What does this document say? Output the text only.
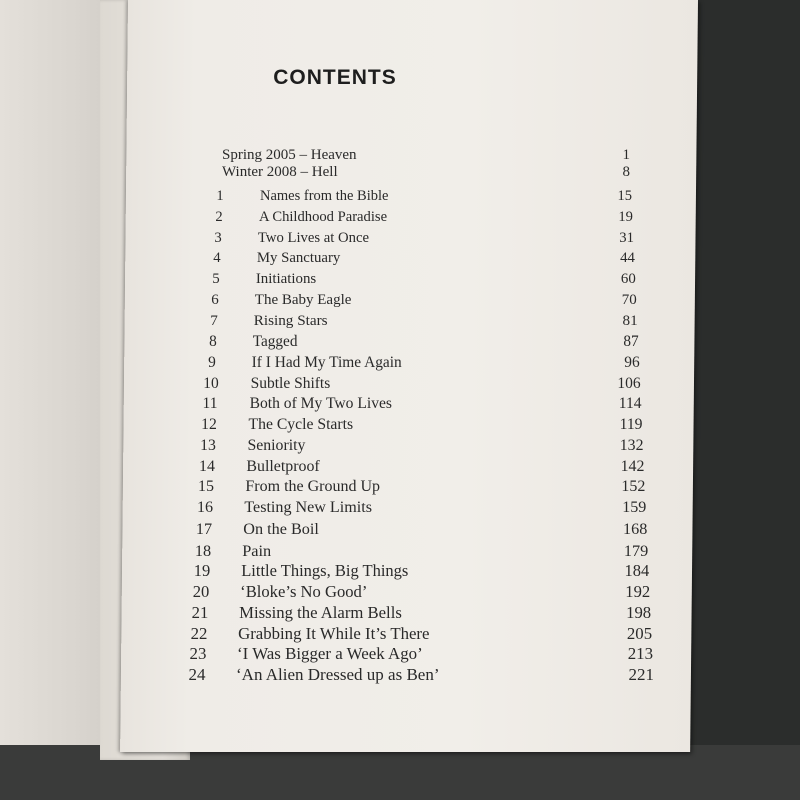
CONTENTS
Spring 2005 – Heaven	1
Winter 2008 – Hell	8
1	Names from the Bible	15
2	A Childhood Paradise	19
3	Two Lives at Once	31
4	My Sanctuary	44
5	Initiations	60
6	The Baby Eagle	70
7	Rising Stars	81
8	Tagged	87
9	If I Had My Time Again	96
10	Subtle Shifts	106
11	Both of My Two Lives	114
12	The Cycle Starts	119
13	Seniority	132
14	Bulletproof	142
15	From the Ground Up	152
16	Testing New Limits	159
17	On the Boil	168
18	Pain	179
19	Little Things, Big Things	184
20	‘Bloke’s No Good’	192
21	Missing the Alarm Bells	198
22	Grabbing It While It’s There	205
23	‘I Was Bigger a Week Ago’	213
24	‘An Alien Dressed up as Ben’	221
